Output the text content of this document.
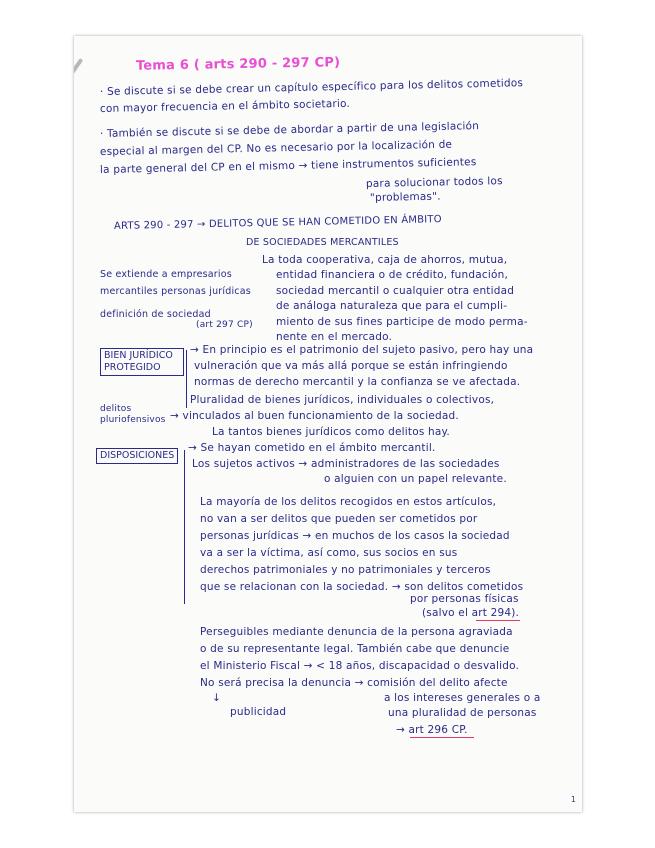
Tema 6 ( arts 290 - 297 CP)
· Se discute si se debe crear un capítulo específico para los delitos cometidos
con mayor frecuencia en el ámbito societario.
· También se discute si se debe de abordar a partir de una legislación
especial al margen del CP. No es necesario por la localización de
la parte general del CP en el mismo → tiene instrumentos suficientes
para solucionar todos los
"problemas".
ARTS 290 - 297 → DELITOS QUE SE HAN COMETIDO EN ÁMBITO
DE SOCIEDADES MERCANTILES
La toda cooperativa, caja de ahorros, mutua,
entidad financiera o de crédito, fundación,
sociedad mercantil o cualquier otra entidad
de análoga naturaleza que para el cumpli-
miento de sus fines participe de modo perma-
nente en el mercado.
Se extiende a empresarios
mercantiles personas jurídicas
definición de sociedad
(art 297 CP)
BIEN JURÍDICO PROTEGIDO
→ En principio es el patrimonio del sujeto pasivo, pero hay una
vulneración que va más allá porque se están infringiendo
normas de derecho mercantil y la confianza se ve afectada.
Pluralidad de bienes jurídicos, individuales o colectivos,
→ vinculados al buen funcionamiento de la sociedad.
La tantos bienes jurídicos como delitos hay.
delitos pluriofensivos
DISPOSICIONES
→ Se hayan cometido en el ámbito mercantil.
Los sujetos activos → administradores de las sociedades
o alguien con un papel relevante.
La mayoría de los delitos recogidos en estos artículos,
no van a ser delitos que pueden ser cometidos por
personas jurídicas → en muchos de los casos la sociedad
va a ser la víctima, así como, sus socios en sus
derechos patrimoniales y no patrimoniales y terceros
que se relacionan con la sociedad. → son delitos cometidos
por personas físicas
(salvo el art 294).
Perseguibles mediante denuncia de la persona agraviada
o de su representante legal. También cabe que denuncie
el Ministerio Fiscal → < 18 años, discapacidad o desvalido.
No será precisa la denuncia → comisión del delito afecte
a los intereses generales o a
una pluralidad de personas
→ art 296 CP.
↓
publicidad
1
